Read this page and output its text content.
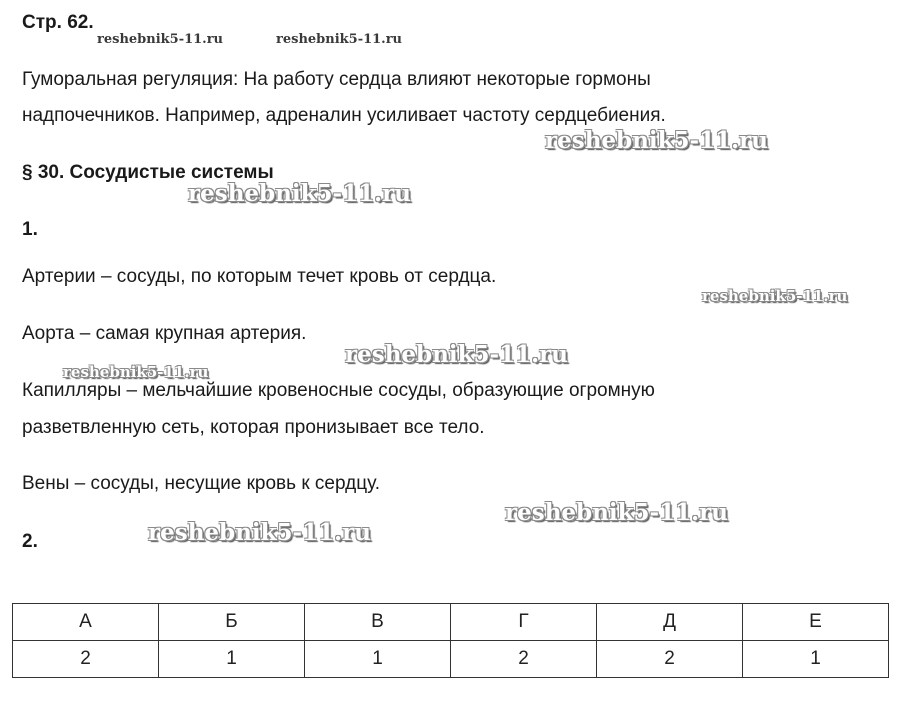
Стр. 62.
Гуморальная регуляция: На работу сердца влияют некоторые гормоны
надпочечников. Например, адреналин усиливает частоту сердцебиения.
§ 30. Сосудистые системы
1.
Артерии – сосуды, по которым течет кровь от сердца.
Аорта – самая крупная артерия.
Капилляры – мельчайшие кровеносные сосуды, образующие огромную
разветвленную сеть, которая пронизывает все тело.
Вены – сосуды, несущие кровь к сердцу.
2.
А	Б	В	Г	Д	Е
2	1	1	2	2	1
reshebnik5-11.ru	reshebnik5-11.ru
reshebnik5-11.ru
reshebnik5-11.ru
reshebnik5-11.ru
reshebnik5-11.ru
reshebnik5-11.ru
reshebnik5-11.ru
reshebnik5-11.ru
